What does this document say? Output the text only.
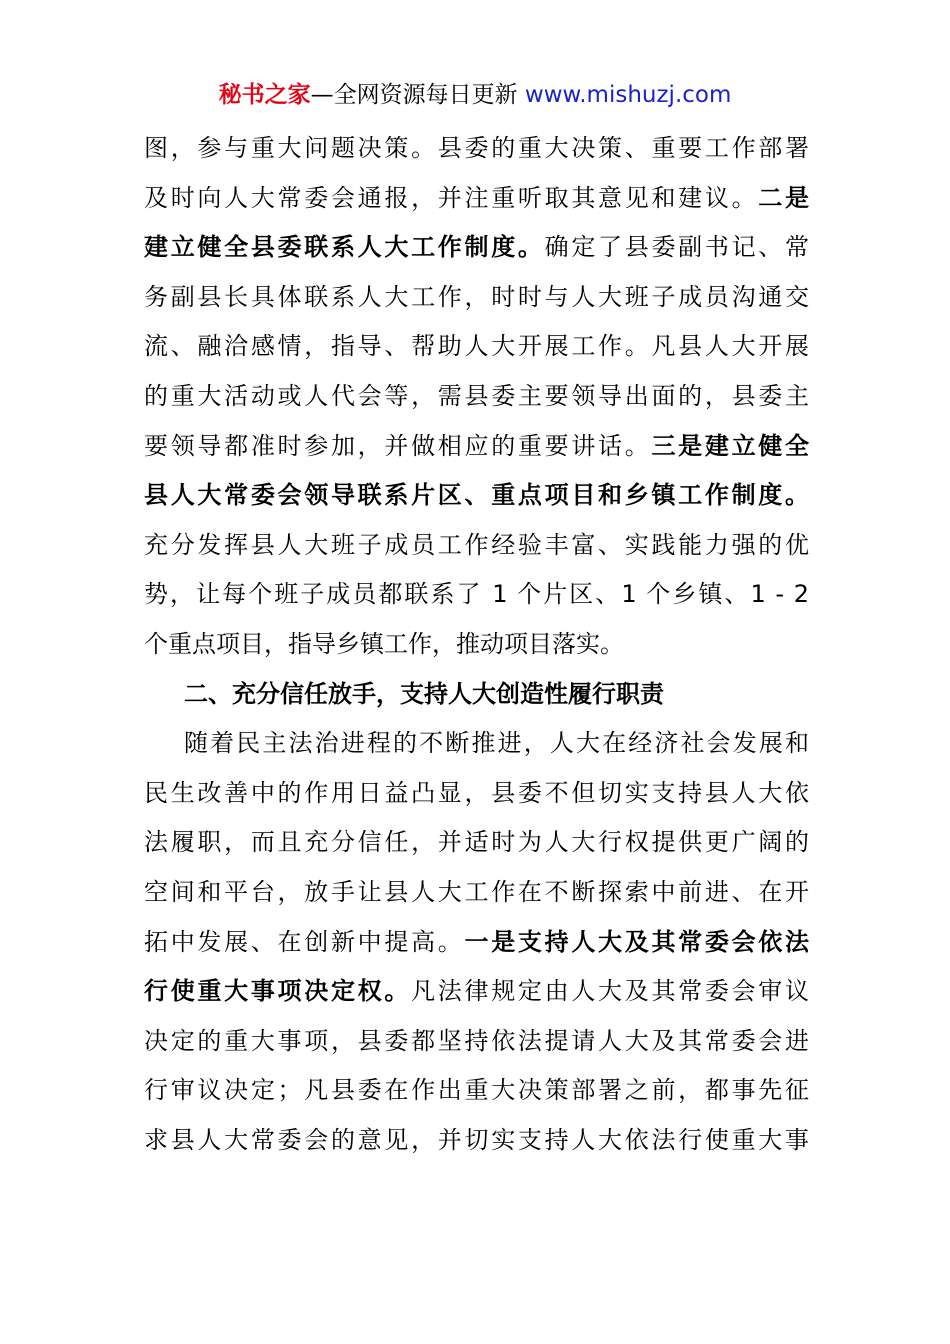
秘书之家—全网资源每日更新 www.mishuzj.com
图，参与重大问题决策。县委的重大决策、重要工作部署
及时向人大常委会通报，并注重听取其意见和建议。二是
建立健全县委联系人大工作制度。确定了县委副书记、常
务副县长具体联系人大工作，时时与人大班子成员沟通交
流、融洽感情，指导、帮助人大开展工作。凡县人大开展
的重大活动或人代会等，需县委主要领导出面的，县委主
要领导都准时参加，并做相应的重要讲话。三是建立健全
县人大常委会领导联系片区、重点项目和乡镇工作制度。
充分发挥县人大班子成员工作经验丰富、实践能力强的优
势，让每个班子成员都联系了 1 个片区、1 个乡镇、1 - 2
个重点项目，指导乡镇工作，推动项目落实。
二、充分信任放手，支持人大创造性履行职责
随着民主法治进程的不断推进，人大在经济社会发展和
民生改善中的作用日益凸显，县委不但切实支持县人大依
法履职，而且充分信任，并适时为人大行权提供更广阔的
空间和平台，放手让县人大工作在不断探索中前进、在开
拓中发展、在创新中提高。一是支持人大及其常委会依法
行使重大事项决定权。凡法律规定由人大及其常委会审议
决定的重大事项，县委都坚持依法提请人大及其常委会进
行审议决定；凡县委在作出重大决策部署之前，都事先征
求县人大常委会的意见，并切实支持人大依法行使重大事
